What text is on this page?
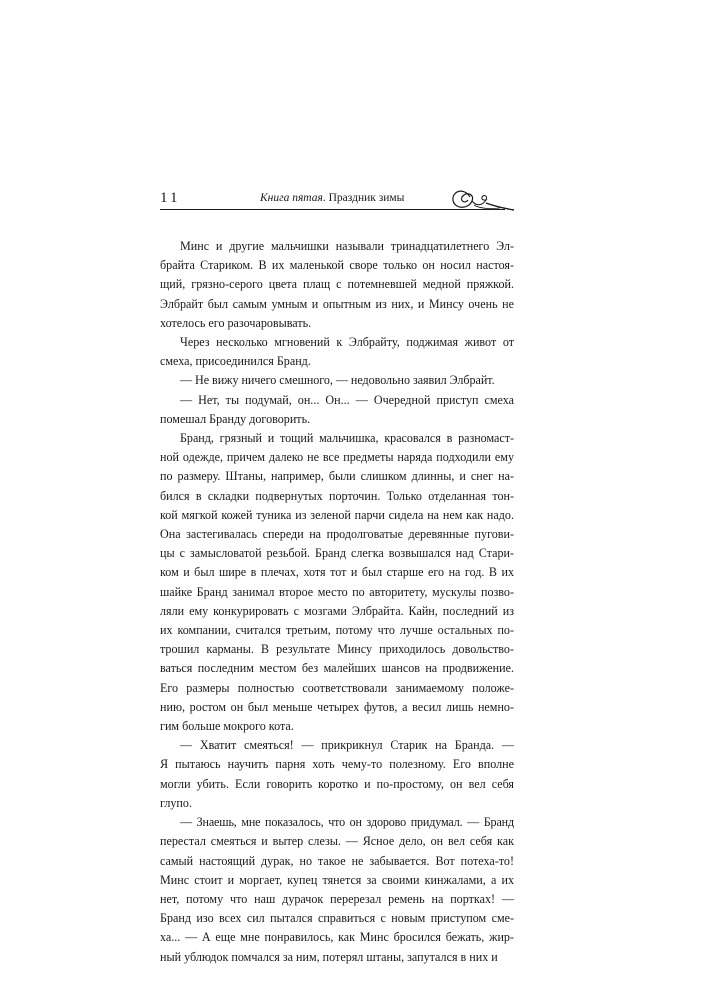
11	Книга пятая. Праздник зимы
Минс и другие мальчишки называли тринадцатилетнего Эл-
брайта Стариком. В их маленькой своре только он носил настоя-
щий, грязно-серого цвета плащ с потемневшей медной пряжкой.
Элбрайт был самым умным и опытным из них, и Минсу очень не
хотелось его разочаровывать.
Через несколько мгновений к Элбрайту, поджимая живот от
смеха, присоединился Бранд.
— Не вижу ничего смешного, — недовольно заявил Элбрайт.
— Нет, ты подумай, он... Он... — Очередной приступ смеха
помешал Бранду договорить.
Бранд, грязный и тощий мальчишка, красовался в разномаст-
ной одежде, причем далеко не все предметы наряда подходили ему
по размеру. Штаны, например, были слишком длинны, и снег на-
бился в складки подвернутых порточин. Только отделанная тон-
кой мягкой кожей туника из зеленой парчи сидела на нем как надо.
Она застегивалась спереди на продолговатые деревянные пугови-
цы с замысловатой резьбой. Бранд слегка возвышался над Стари-
ком и был шире в плечах, хотя тот и был старше его на год. В их
шайке Бранд занимал второе место по авторитету, мускулы позво-
ляли ему конкурировать с мозгами Элбрайта. Кайн, последний из
их компании, считался третьим, потому что лучше остальных по-
трошил карманы. В результате Минсу приходилось довольство-
ваться последним местом без малейших шансов на продвижение.
Его размеры полностью соответствовали занимаемому положе-
нию, ростом он был меньше четырех футов, а весил лишь немно-
гим больше мокрого кота.
— Хватит смеяться! — прикрикнул Старик на Бранда. —
Я пытаюсь научить парня хоть чему-то полезному. Его вполне
могли убить. Если говорить коротко и по-простому, он вел себя
глупо.
— Знаешь, мне показалось, что он здорово придумал. — Бранд
перестал смеяться и вытер слезы. — Ясное дело, он вел себя как
самый настоящий дурак, но такое не забывается. Вот потеха-то!
Минс стоит и моргает, купец тянется за своими кинжалами, а их
нет, потому что наш дурачок перерезал ремень на портках! —
Бранд изо всех сил пытался справиться с новым приступом сме-
ха... — А еще мне понравилось, как Минс бросился бежать, жир-
ный ублюдок помчался за ним, потерял штаны, запутался в них и
